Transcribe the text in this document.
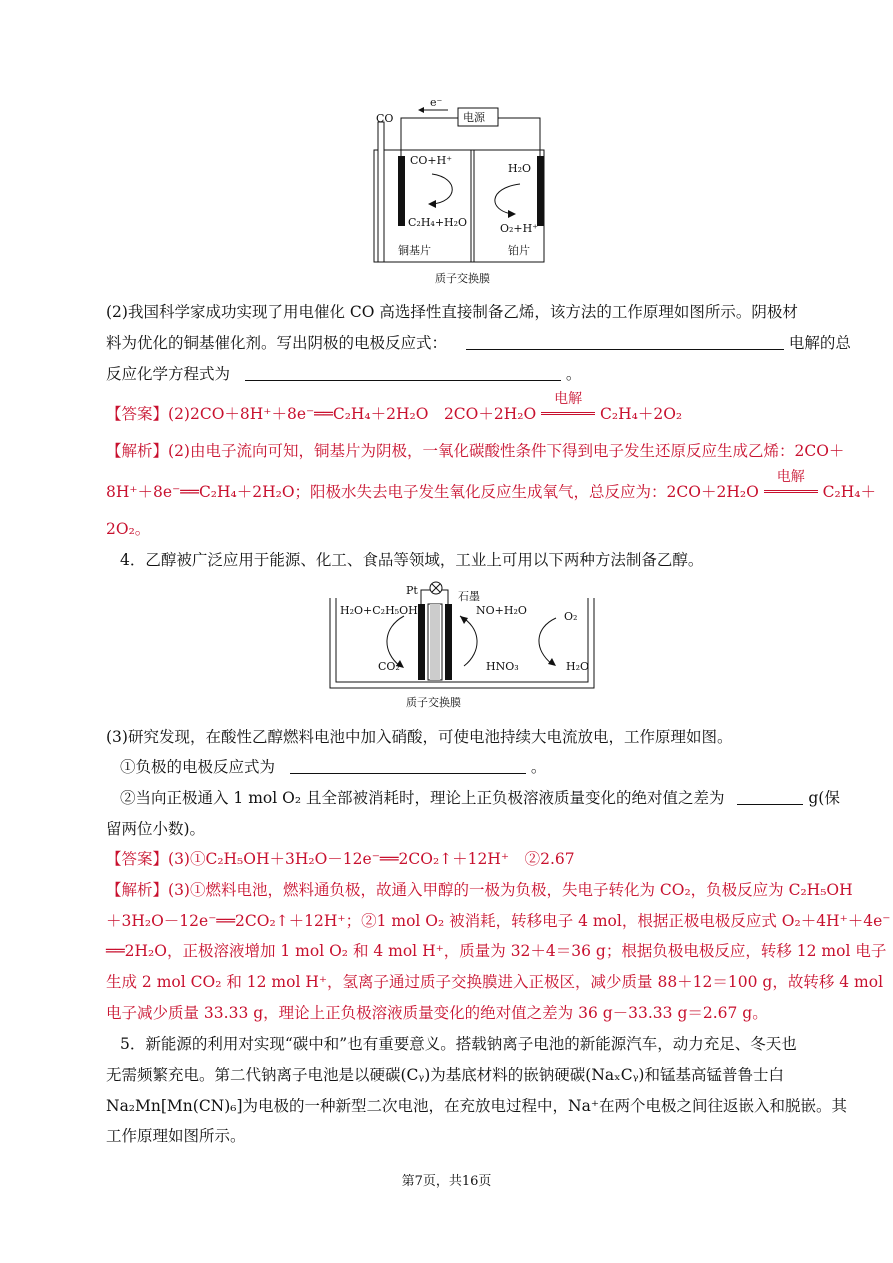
CO
e⁻
电源
CO+H⁺
C₂H₄+H₂O
H₂O
O₂+H⁺
铜基片	铂片
质子交换膜
(2)我国科学家成功实现了用电催化 CO 高选择性直接制备乙烯，该方法的工作原理如图所示。阴极材
料为优化的铜基催化剂。写出阴极的电极反应式：	电解的总
反应化学方程式为	。
【答案】(2)2CO＋8H⁺＋8e⁻══C₂H₄＋2H₂O　2CO＋2H₂O
电解
C₂H₄＋2O₂
【解析】(2)由电子流向可知，铜基片为阴极，一氧化碳酸性条件下得到电子发生还原反应生成乙烯：2CO＋
8H⁺＋8e⁻══C₂H₄＋2H₂O；阳极水失去电子发生氧化反应生成氧气，总反应为：2CO＋2H₂O
电解
C₂H₄＋
2O₂。
4．乙醇被广泛应用于能源、化工、食品等领域，工业上可用以下两种方法制备乙醇。
Pt	石墨
H₂O+C₂H₅OH	NO+H₂O	O₂
CO₂	HNO₃	H₂O
质子交换膜
(3)研究发现，在酸性乙醇燃料电池中加入硝酸，可使电池持续大电流放电，工作原理如图。
①负极的电极反应式为	。
②当向正极通入 1 mol O₂ 且全部被消耗时，理论上正负极溶液质量变化的绝对值之差为	g(保
留两位小数)。
【答案】(3)①C₂H₅OH＋3H₂O－12e⁻══2CO₂↑＋12H⁺　②2.67
【解析】(3)①燃料电池，燃料通负极，故通入甲醇的一极为负极，失电子转化为 CO₂，负极反应为 C₂H₅OH
＋3H₂O－12e⁻══2CO₂↑＋12H⁺；②1 mol O₂ 被消耗，转移电子 4 mol，根据正极电极反应式 O₂＋4H⁺＋4e⁻
══2H₂O，正极溶液增加 1 mol O₂ 和 4 mol H⁺，质量为 32＋4＝36 g；根据负极电极反应，转移 12 mol 电子
生成 2 mol CO₂ 和 12 mol H⁺，氢离子通过质子交换膜进入正极区，减少质量 88＋12＝100 g，故转移 4 mol
电子减少质量 33.33 g，理论上正负极溶液质量变化的绝对值之差为 36 g－33.33 g＝2.67 g。
5．新能源的利用对实现“碳中和”也有重要意义。搭载钠离子电池的新能源汽车，动力充足、冬天也
无需频繁充电。第二代钠离子电池是以硬碳(Cᵧ)为基底材料的嵌钠硬碳(NaₓCᵧ)和锰基高锰普鲁士白
Na₂Mn[Mn(CN)₆]为电极的一种新型二次电池，在充放电过程中，Na⁺在两个电极之间往返嵌入和脱嵌。其
工作原理如图所示。
第7页，共16页
